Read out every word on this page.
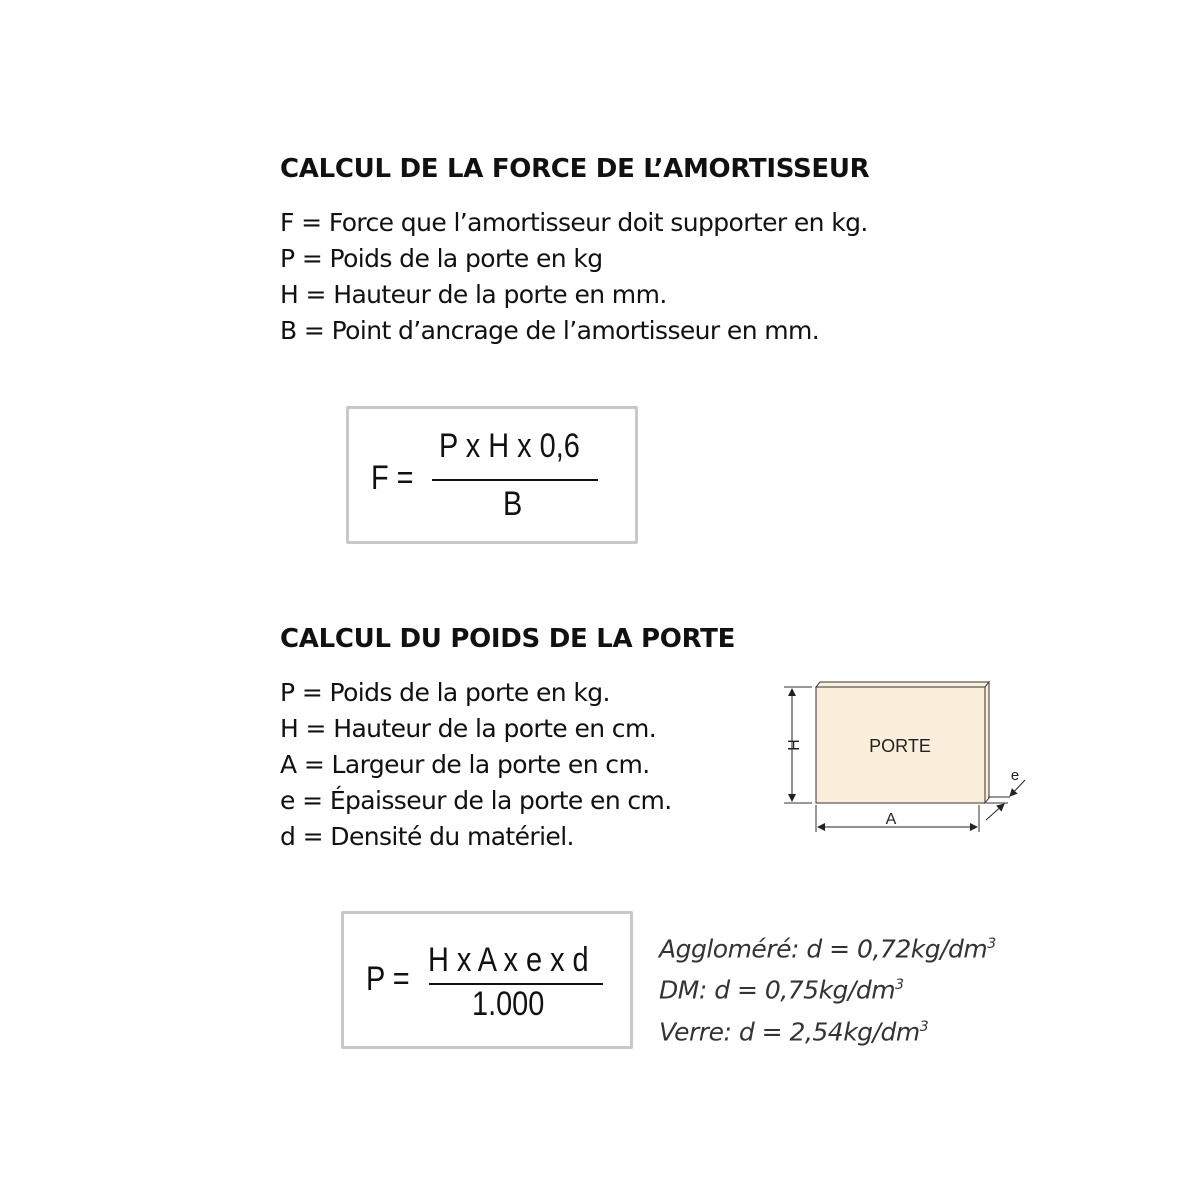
CALCUL DE LA FORCE DE L’AMORTISSEUR
F = Force que l’amortisseur doit supporter en kg.
P = Poids de la porte en kg
H = Hauteur de la porte en mm.
B = Point d’ancrage de l’amortisseur en mm.
F =
P x H x 0,6
B
CALCUL DU POIDS DE LA PORTE
P = Poids de la porte en kg.
H = Hauteur de la porte en cm.
A = Largeur de la porte en cm.
e = Épaisseur de la porte en cm.
d = Densité du matériel.
PORTE
H
A
e
P = H x A x e x d
1.000
Aggloméré: $d = 0,72kg/dm^3$
DM: $d = 0,75kg/dm^3$
Verre: $d = 2,54kg/dm^3$
